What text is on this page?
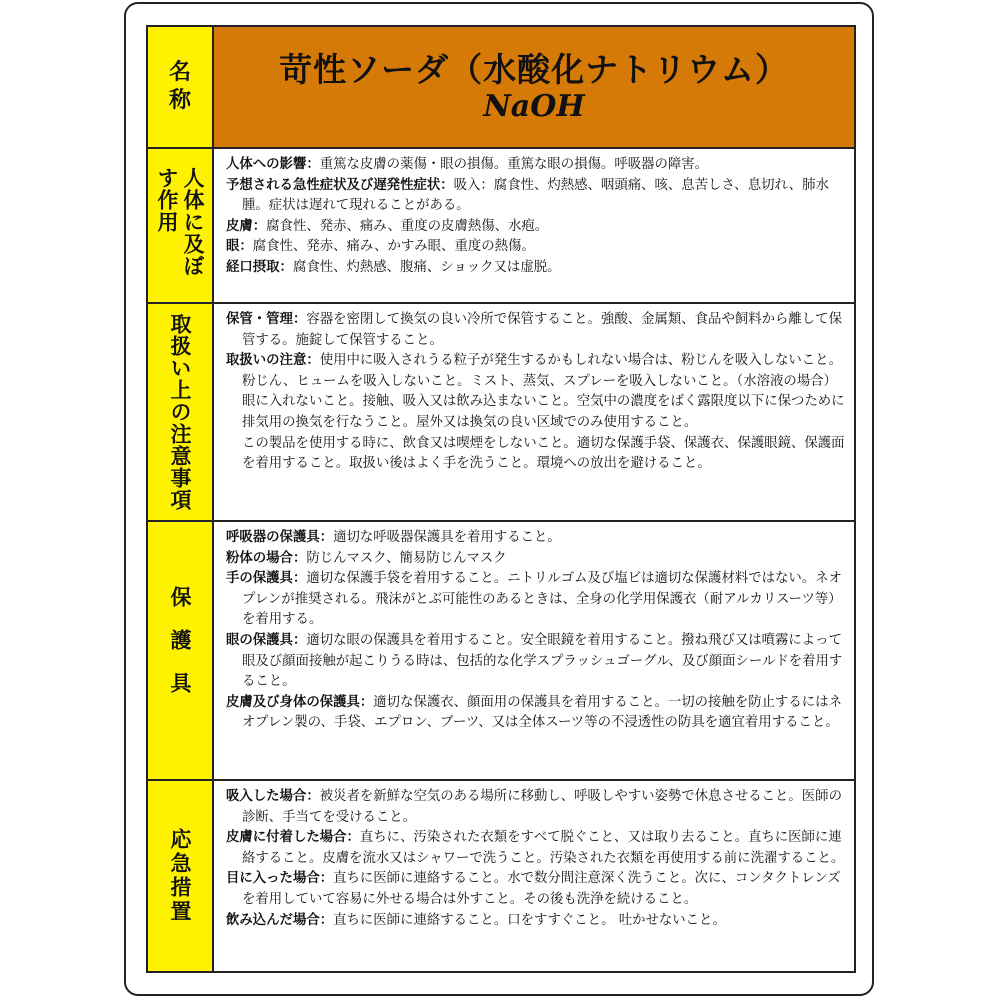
名称
苛性ソーダ（水酸化ナトリウム）
NaOH
人体に及ぼす作用

人体への影響：重篤な皮膚の薬傷・眼の損傷。重篤な眼の損傷。呼吸器の障害。

予想される急性症状及び遅発性症状：吸入：腐食性、灼熱感、咽頭痛、咳、息苦しさ、息切れ、肺水腫。症状は遅れて現れることがある。

皮膚：腐食性、発赤、痛み、重度の皮膚熱傷、水疱。

眼：腐食性、発赤、痛み、かすみ眼、重度の熱傷。

経口摂取：腐食性、灼熱感、腹痛、ショック又は虚脱。

取扱い上の注意事項	保管・管理：容器を密閉して換気の良い冷所で保管すること。強酸、金属類、食品や飼料から離して保管する。施錠して保管すること。

取扱いの注意：使用中に吸入されうる粒子が発生するかもしれない場合は、粉じんを吸入しないこと。粉じん、ヒュームを吸入しないこと。ミスト、蒸気、スプレーを吸入しないこと。（水溶液の場合）眼に入れないこと。接触、吸入又は飲み込まないこと。空気中の濃度をばく露限度以下に保つために排気用の換気を行なうこと。屋外又は換気の良い区域でのみ使用すること。

この製品を使用する時に、飲食又は喫煙をしないこと。適切な保護手袋、保護衣、保護眼鏡、保護面を着用すること。取扱い後はよく手を洗うこと。環境への放出を避けること。

保護具

呼吸器の保護具：適切な呼吸器保護具を着用すること。

粉体の場合：防じんマスク、簡易防じんマスク

手の保護具：適切な保護手袋を着用すること。ニトリルゴム及び塩ビは適切な保護材料ではない。ネオプレンが推奨される。飛沫がとぶ可能性のあるときは、全身の化学用保護衣（耐アルカリスーツ等）を着用する。

眼の保護具：適切な眼の保護具を着用すること。安全眼鏡を着用すること。撥ね飛び又は噴霧によって眼及び顔面接触が起こりうる時は、包括的な化学スプラッシュゴーグル、及び顔面シールドを着用すること。

皮膚及び身体の保護具：適切な保護衣、顔面用の保護具を着用すること。一切の接触を防止するにはネオプレン製の、手袋、エプロン、ブーツ、又は全体スーツ等の不浸透性の防具を適宜着用すること。

応急措置

吸入した場合：被災者を新鮮な空気のある場所に移動し、呼吸しやすい姿勢で休息させること。医師の診断、手当てを受けること。

皮膚に付着した場合：直ちに、汚染された衣類をすべて脱ぐこと、又は取り去ること。直ちに医師に連絡すること。皮膚を流水又はシャワーで洗うこと。汚染された衣類を再使用する前に洗濯すること。

目に入った場合：直ちに医師に連絡すること。水で数分間注意深く洗うこと。次に、コンタクトレンズを着用していて容易に外せる場合は外すこと。その後も洗浄を続けること。

飲み込んだ場合：直ちに医師に連絡すること。口をすすぐこと。 吐かせないこと。
